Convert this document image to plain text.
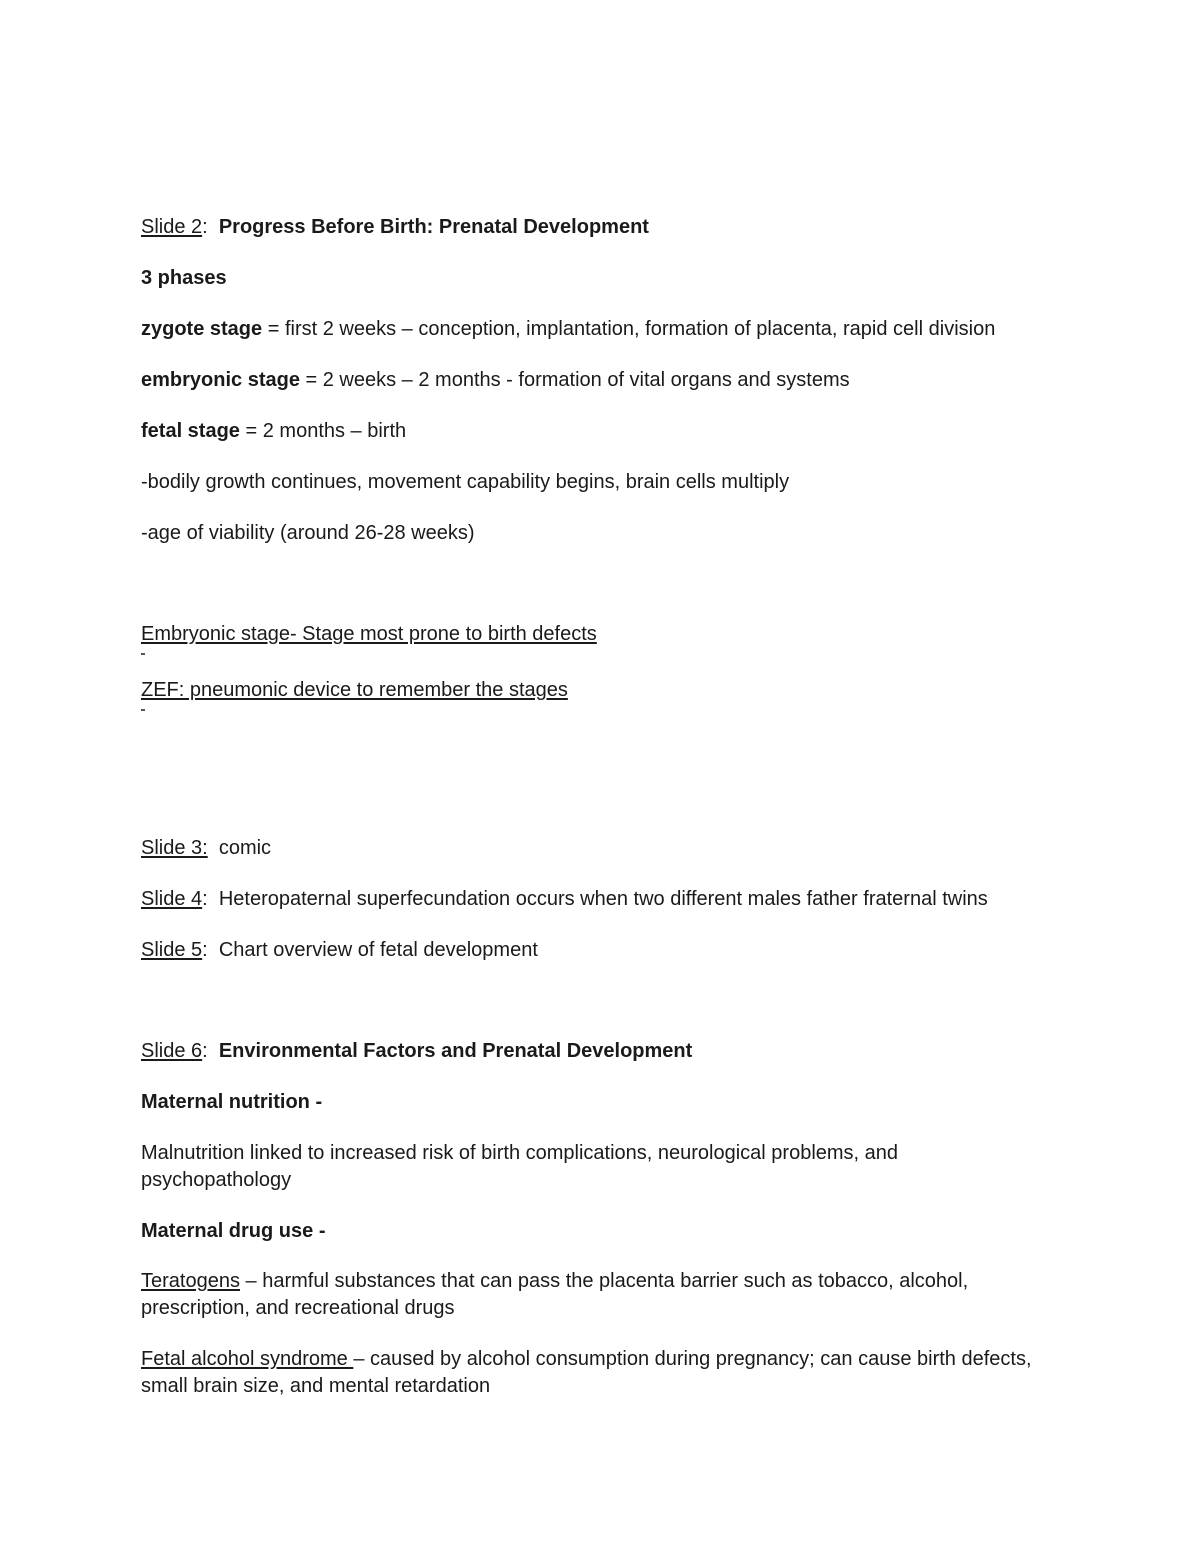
Slide 2:  Progress Before Birth: Prenatal Development
3 phases
zygote stage = first 2 weeks – conception, implantation, formation of placenta, rapid cell division
embryonic stage = 2 weeks – 2 months - formation of vital organs and systems
fetal stage = 2 months – birth
-bodily growth continues, movement capability begins, brain cells multiply
-age of viability (around 26-28 weeks)
Embryonic stage- Stage most prone to birth defects
ZEF: pneumonic device to remember the stages
Slide 3:  comic
Slide 4:  Heteropaternal superfecundation occurs when two different males father fraternal twins
Slide 5:  Chart overview of fetal development
Slide 6:  Environmental Factors and Prenatal Development
Maternal nutrition -
Malnutrition linked to increased risk of birth complications, neurological problems, and psychopathology
Maternal drug use -
Teratogens – harmful substances that can pass the placenta barrier such as tobacco, alcohol, prescription, and recreational drugs
Fetal alcohol syndrome – caused by alcohol consumption during pregnancy; can cause birth defects, small brain size, and mental retardation
